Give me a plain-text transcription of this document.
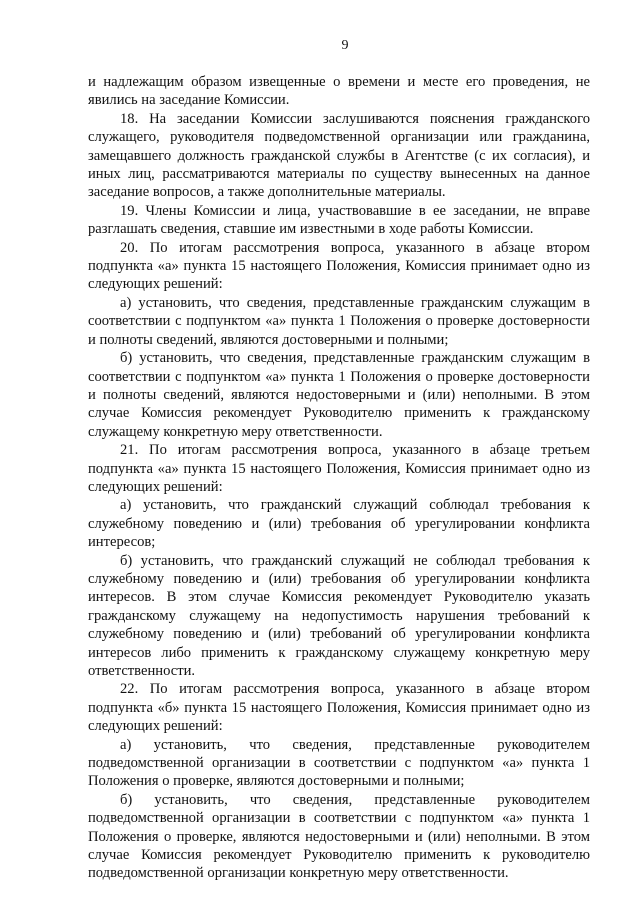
9
и надлежащим образом извещенные о времени и месте его проведения, не явились на заседание Комиссии.
18. На заседании Комиссии заслушиваются пояснения гражданского служащего, руководителя подведомственной организации или гражданина, замещавшего должность гражданской службы в Агентстве (с их согласия), и иных лиц, рассматриваются материалы по существу вынесенных на данное заседание вопросов, а также дополнительные материалы.
19. Члены Комиссии и лица, участвовавшие в ее заседании, не вправе разглашать сведения, ставшие им известными в ходе работы Комиссии.
20. По итогам рассмотрения вопроса, указанного в абзаце втором подпункта «а» пункта 15 настоящего Положения, Комиссия принимает одно из следующих решений:
а) установить, что сведения, представленные гражданским служащим в соответствии с подпунктом «а» пункта 1 Положения о проверке достоверности и полноты сведений, являются достоверными и полными;
б) установить, что сведения, представленные гражданским служащим в соответствии с подпунктом «а» пункта 1 Положения о проверке достоверности и полноты сведений, являются недостоверными и (или) неполными. В этом случае Комиссия рекомендует Руководителю применить к гражданскому служащему конкретную меру ответственности.
21. По итогам рассмотрения вопроса, указанного в абзаце третьем подпункта «а» пункта 15 настоящего Положения, Комиссия принимает одно из следующих решений:
а) установить, что гражданский служащий соблюдал требования к служебному поведению и (или) требования об урегулировании конфликта интересов;
б) установить, что гражданский служащий не соблюдал требования к служебному поведению и (или) требования об урегулировании конфликта интересов. В этом случае Комиссия рекомендует Руководителю указать гражданскому служащему на недопустимость нарушения требований к служебному поведению и (или) требований об урегулировании конфликта интересов либо применить к гражданскому служащему конкретную меру ответственности.
22. По итогам рассмотрения вопроса, указанного в абзаце втором подпункта «б» пункта 15 настоящего Положения, Комиссия принимает одно из следующих решений:
а) установить, что сведения, представленные руководителем подведомственной организации в соответствии с подпунктом «а» пункта 1 Положения о проверке, являются достоверными и полными;
б) установить, что сведения, представленные руководителем подведомственной организации в соответствии с подпунктом «а» пункта 1 Положения о проверке, являются недостоверными и (или) неполными. В этом случае Комиссия рекомендует Руководителю применить к руководителю подведомственной организации конкретную меру ответственности.
